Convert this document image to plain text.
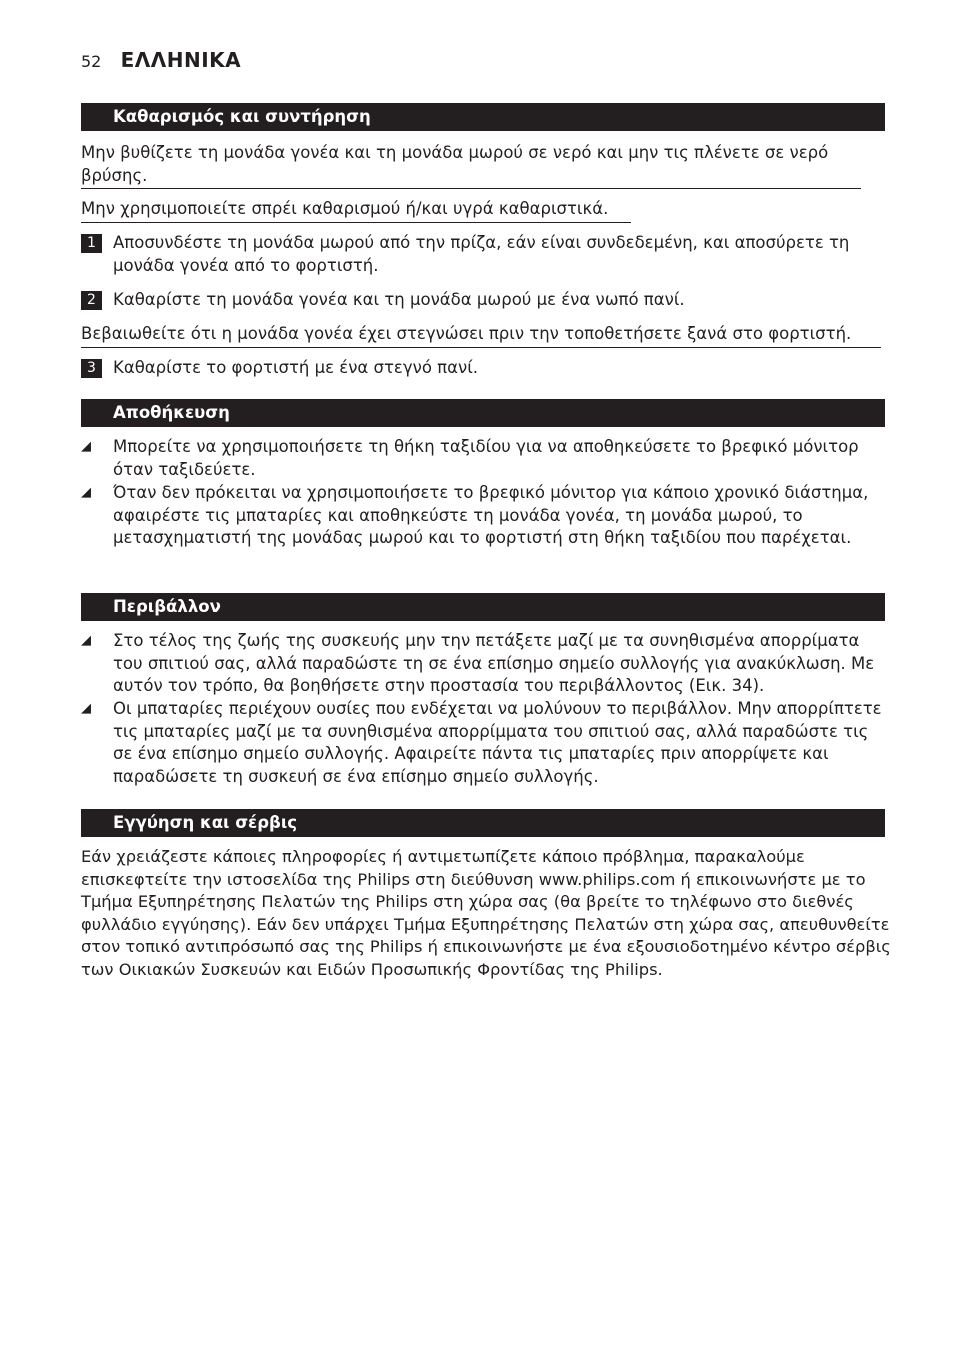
52 ΕΛΛΗΝΙΚΑ
Καθαρισμός και συντήρηση
Μην βυθίζετε τη μονάδα γονέα και τη μονάδα μωρού σε νερό και μην τις πλένετε σε νερό βρύσης.
Μην χρησιμοποιείτε σπρέι καθαρισμού ή/και υγρά καθαριστικά.
1	Αποσυνδέστε τη μονάδα μωρού από την πρίζα, εάν είναι συνδεδεμένη, και αποσύρετε τη μονάδα γονέα από το φορτιστή.
2	Καθαρίστε τη μονάδα γονέα και τη μονάδα μωρού με ένα νωπό πανί.
Βεβαιωθείτε ότι η μονάδα γονέα έχει στεγνώσει πριν την τοποθετήσετε ξανά στο φορτιστή.
3	Καθαρίστε το φορτιστή με ένα στεγνό πανί.
Αποθήκευση
◢	Μπορείτε να χρησιμοποιήσετε τη θήκη ταξιδίου για να αποθηκεύσετε το βρεφικό μόνιτορ όταν ταξιδεύετε.
◢	Όταν δεν πρόκειται να χρησιμοποιήσετε το βρεφικό μόνιτορ για κάποιο χρονικό διάστημα, αφαιρέστε τις μπαταρίες και αποθηκεύστε τη μονάδα γονέα, τη μονάδα μωρού, το μετασχηματιστή της μονάδας μωρού και το φορτιστή στη θήκη ταξιδίου που παρέχεται.
Περιβάλλον
◢	Στο τέλος της ζωής της συσκευής μην την πετάξετε μαζί με τα συνηθισμένα απορρίματα του σπιτιού σας, αλλά παραδώστε τη σε ένα επίσημο σημείο συλλογής για ανακύκλωση. Με αυτόν τον τρόπο, θα βοηθήσετε στην προστασία του περιβάλλοντος (Εικ. 34).
◢	Οι μπαταρίες περιέχουν ουσίες που ενδέχεται να μολύνουν το περιβάλλον. Μην απορρίπτετε τις μπαταρίες μαζί με τα συνηθισμένα απορρίμματα του σπιτιού σας, αλλά παραδώστε τις σε ένα επίσημο σημείο συλλογής. Αφαιρείτε πάντα τις μπαταρίες πριν απορρίψετε και παραδώσετε τη συσκευή σε ένα επίσημο σημείο συλλογής.
Εγγύηση και σέρβις
Εάν χρειάζεστε κάποιες πληροφορίες ή αντιμετωπίζετε κάποιο πρόβλημα, παρακαλούμε επισκεφτείτε την ιστοσελίδα της Philips στη διεύθυνση www.philips.com ή επικοινωνήστε με το Τμήμα Εξυπηρέτησης Πελατών της Philips στη χώρα σας (θα βρείτε το τηλέφωνο στο διεθνές φυλλάδιο εγγύησης). Εάν δεν υπάρχει Τμήμα Εξυπηρέτησης Πελατών στη χώρα σας, απευθυνθείτε στον τοπικό αντιπρόσωπό σας της Philips ή επικοινωνήστε με ένα εξουσιοδοτημένο κέντρο σέρβις των Οικιακών Συσκευών και Ειδών Προσωπικής Φροντίδας της Philips.
